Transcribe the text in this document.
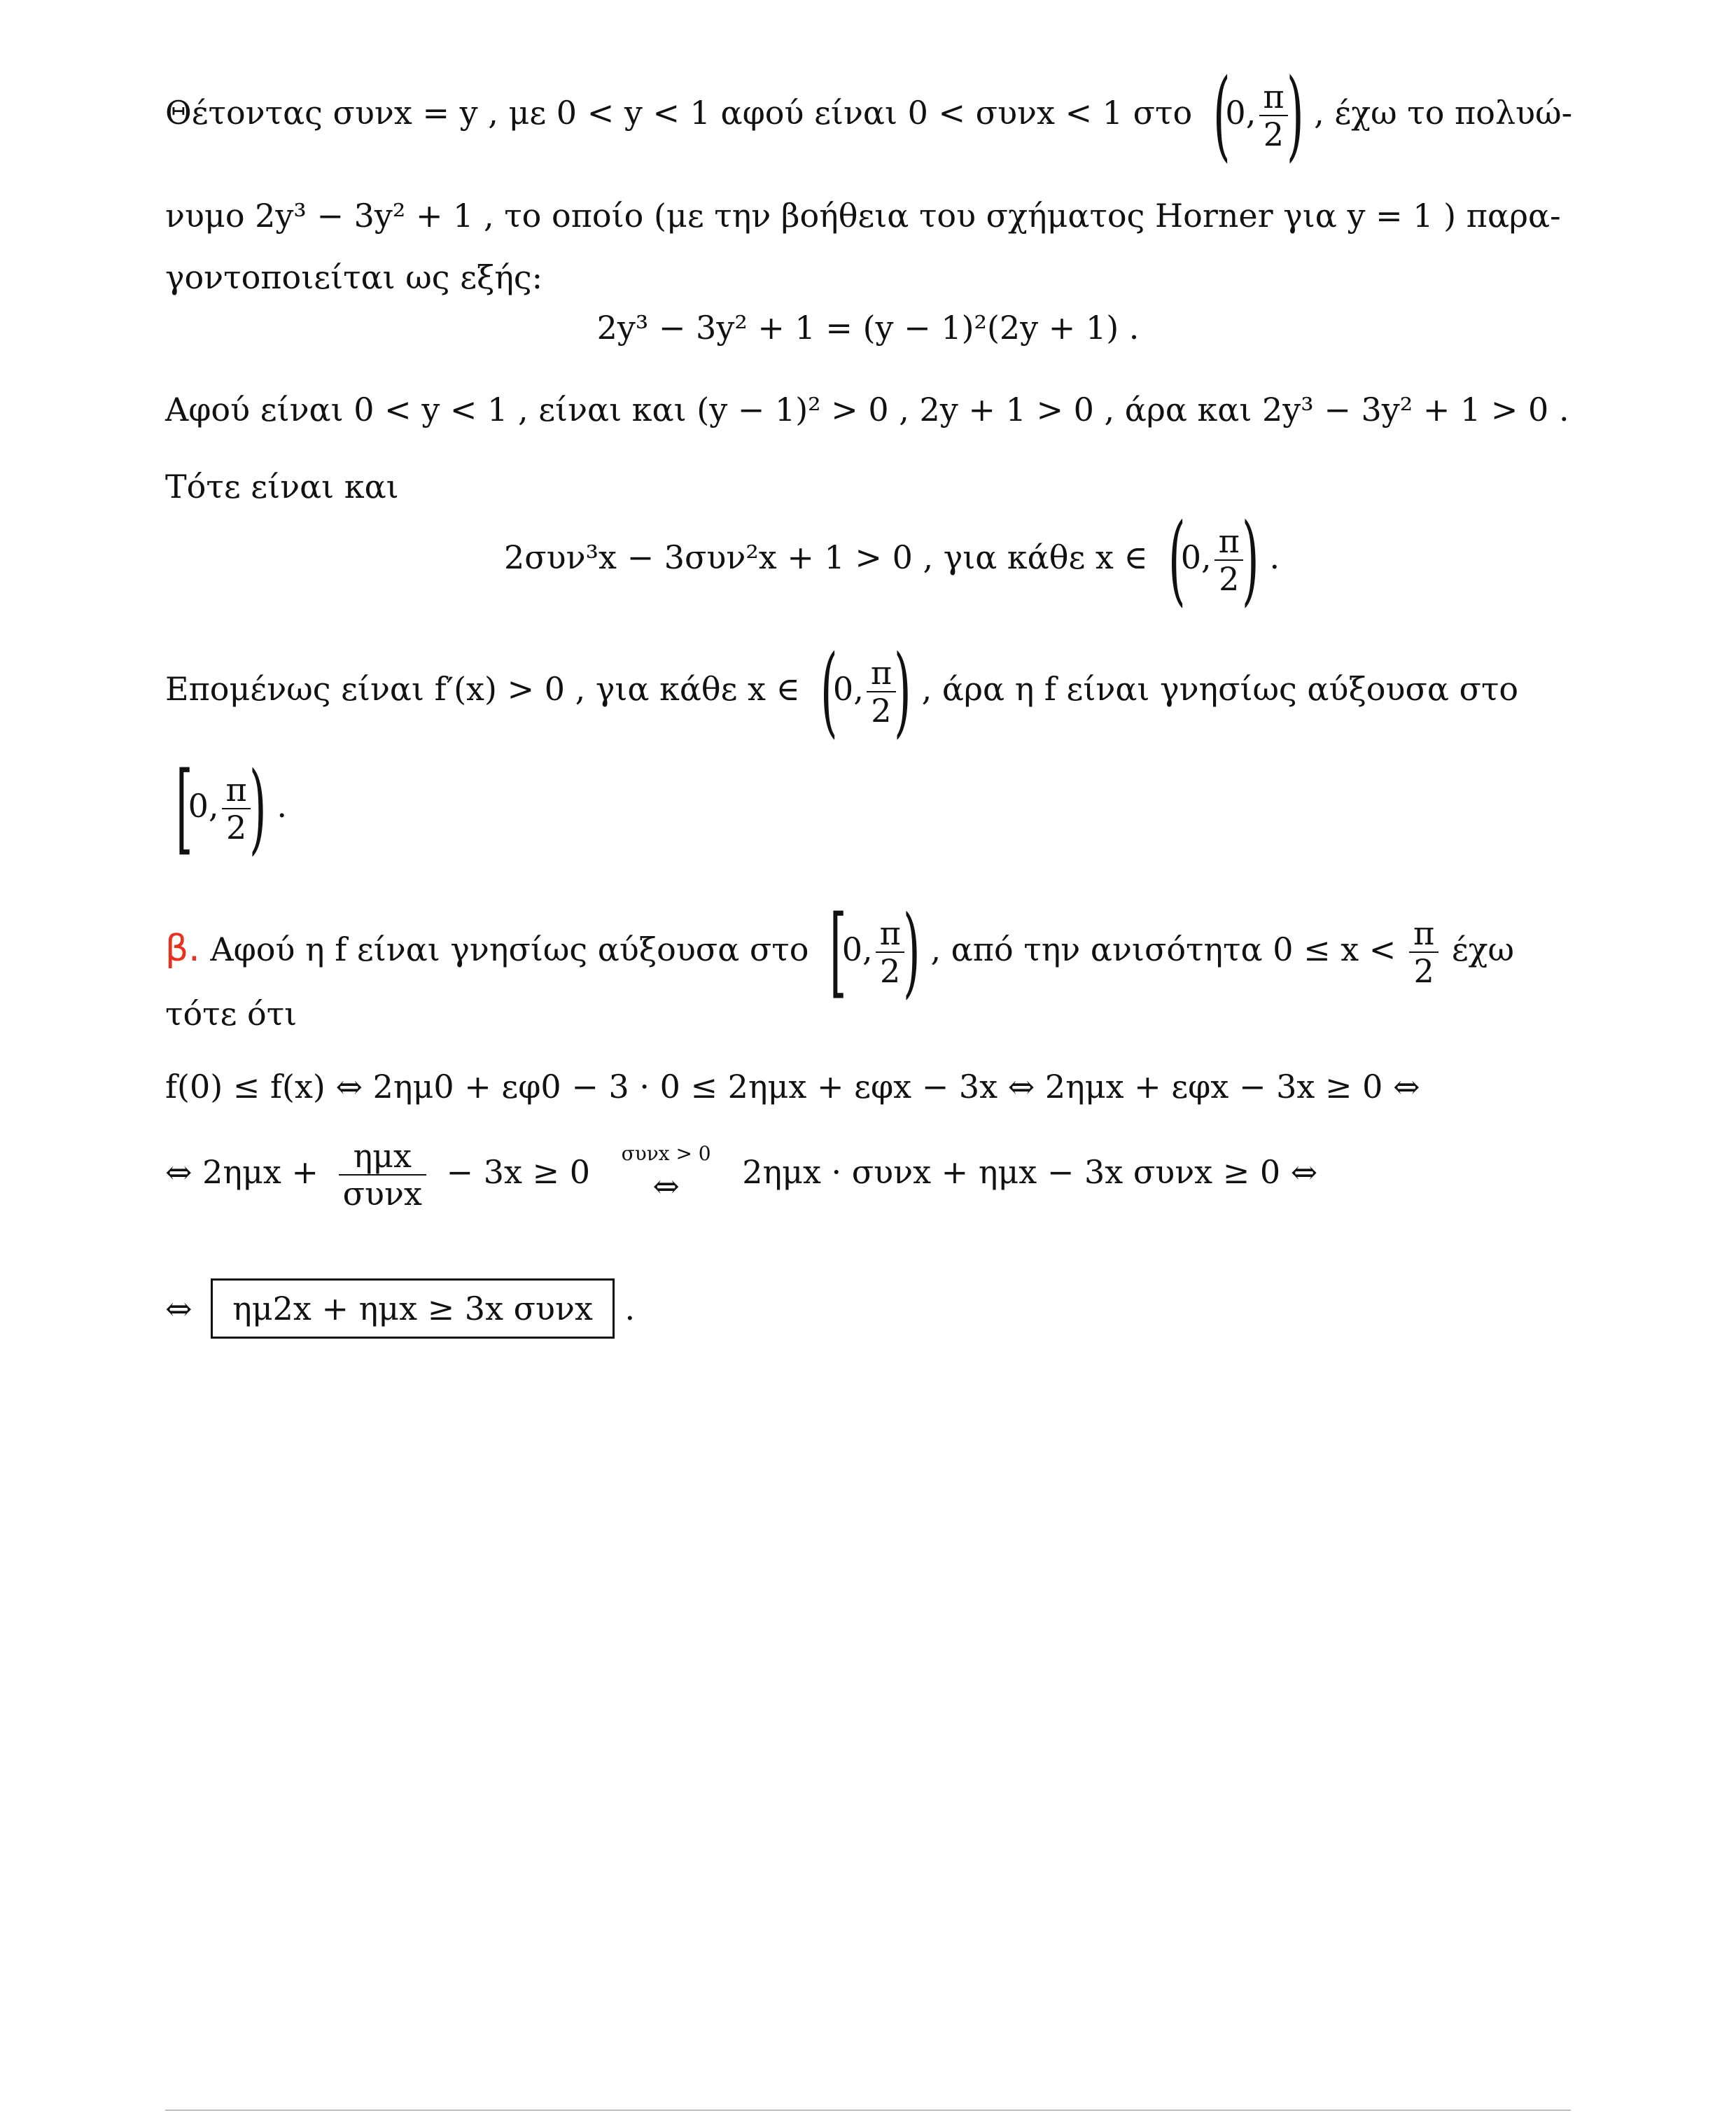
Θέτοντας συνx = y , με 0 < y < 1 αφού είναι 0 < συνx < 1 στο (0, $\frac{\pi}{2}$
) , έχω το πολυώ-
νυμο 2y³ − 3y² + 1 , το οποίο (με την βοήθεια του σχήματος Horner για y = 1 ) παρα-
γοντοποιείται ως εξής:
2y³ − 3y² + 1 = (y − 1)²(2y + 1) .
Αφού είναι 0 < y < 1 , είναι και (y − 1)² > 0 , 2y + 1 > 0 , άρα και 2y³ − 3y² + 1 > 0 .
Τότε είναι και
2συν³x − 3συν²x + 1 > 0 , για κάθε x ∈ (0, $\frac{\pi}{2}$
) .
Επομένως είναι f′(x) > 0 , για κάθε x ∈ (0, $\frac{\pi}{2}$
) , άρα η f είναι γνησίως αύξουσα στο
[0, $\frac{\pi}{2}$
) .
β. Αφού η f είναι γνησίως αύξουσα στο [0, $\frac{\pi}{2}$
) , από την ανισότητα $0 \le x < \frac{\pi}{2}$ έχω
τότε ότι
f(0) ≤ f(x) ⇔ 2ημ0 + εφ0 − 3 · 0 ≤ 2ημx + εφx − 3x ⇔ 2ημx + εφx − 3x ≥ 0 ⇔
⇔ $2\eta\mu x + \frac{\text{ημx}}{\text{συνx}} - 3x \ge 0$ συνx > 0
⇔ 2ημx · συνx + ημx − 3x συνx ≥ 0 ⇔
⇔ ημ2x + ημx ≥ 3x συνx .
